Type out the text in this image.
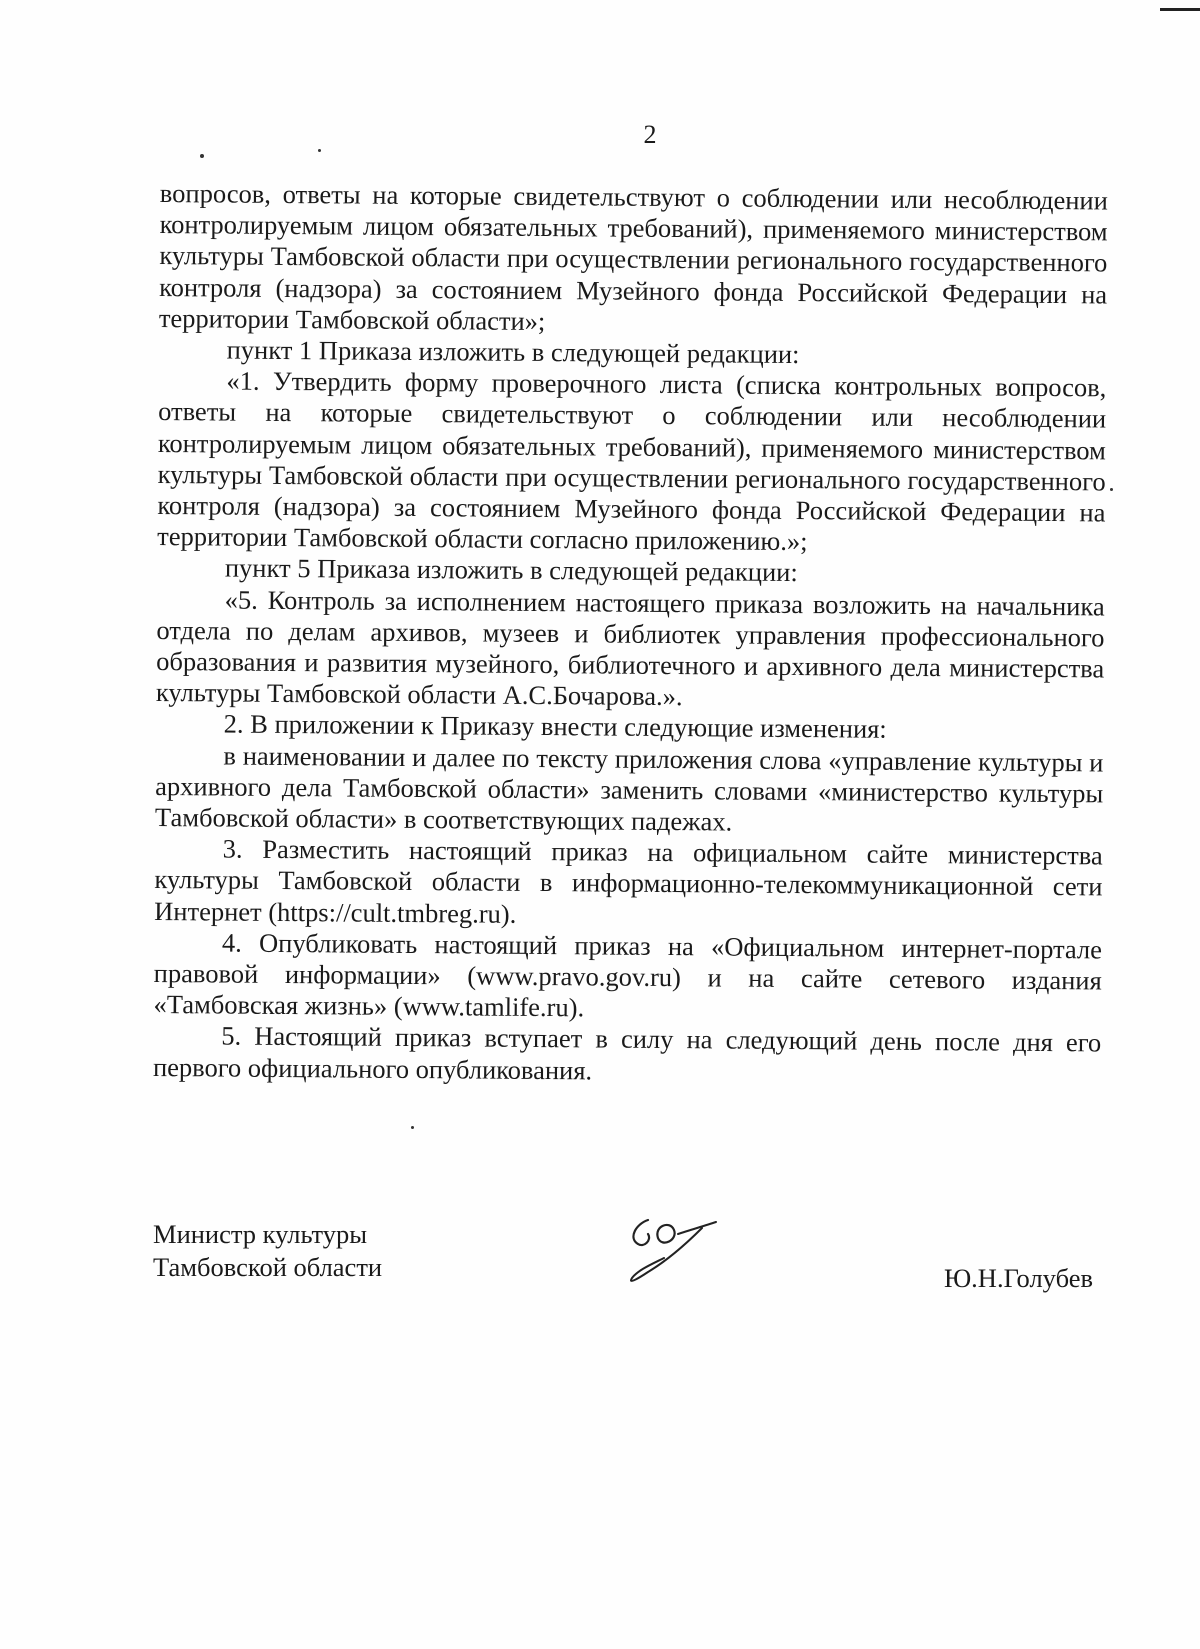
2

вопросов, ответы на которые свидетельствуют о соблюдении или несоблюдении контролируемым лицом обязательных требований), применяемого министерством культуры Тамбовской области при осуществлении регионального государственного контроля (надзора) за состоянием Музейного фонда Российской Федерации на территории Тамбовской области»;

пункт 1 Приказа изложить в следующей редакции:

«1. Утвердить форму проверочного листа (списка контрольных вопросов, ответы на которые свидетельствуют о соблюдении или несоблюдении контролируемым лицом обязательных требований), применяемого министерством культуры Тамбовской области при осуществлении регионального государственного контроля (надзора) за состоянием Музейного фонда Российской Федерации на территории Тамбовской области согласно приложению.»;

пункт 5 Приказа изложить в следующей редакции:

«5. Контроль за исполнением настоящего приказа возложить на начальника отдела по делам архивов, музеев и библиотек управления профессионального образования и развития музейного, библиотечного и архивного дела министерства культуры Тамбовской области А.С.Бочарова.».

2. В приложении к Приказу внести следующие изменения:

в наименовании и далее по тексту приложения слова «управление культуры и архивного дела Тамбовской области» заменить словами «министерство культуры Тамбовской области» в соответствующих падежах.

3. Разместить настоящий приказ на официальном сайте министерства культуры Тамбовской области в информационно-телекоммуникационной сети Интернет (https://cult.tmbreg.ru).

4. Опубликовать настоящий приказ на «Официальном интернет-портале правовой информации» (www.pravo.gov.ru) и на сайте сетевого издания «Тамбовская жизнь» (www.tamlife.ru).

5. Настоящий приказ вступает в силу на следующий день после дня его первого официального опубликования.

Министр культуры
Тамбовской области	Ю.Н.Голубев
